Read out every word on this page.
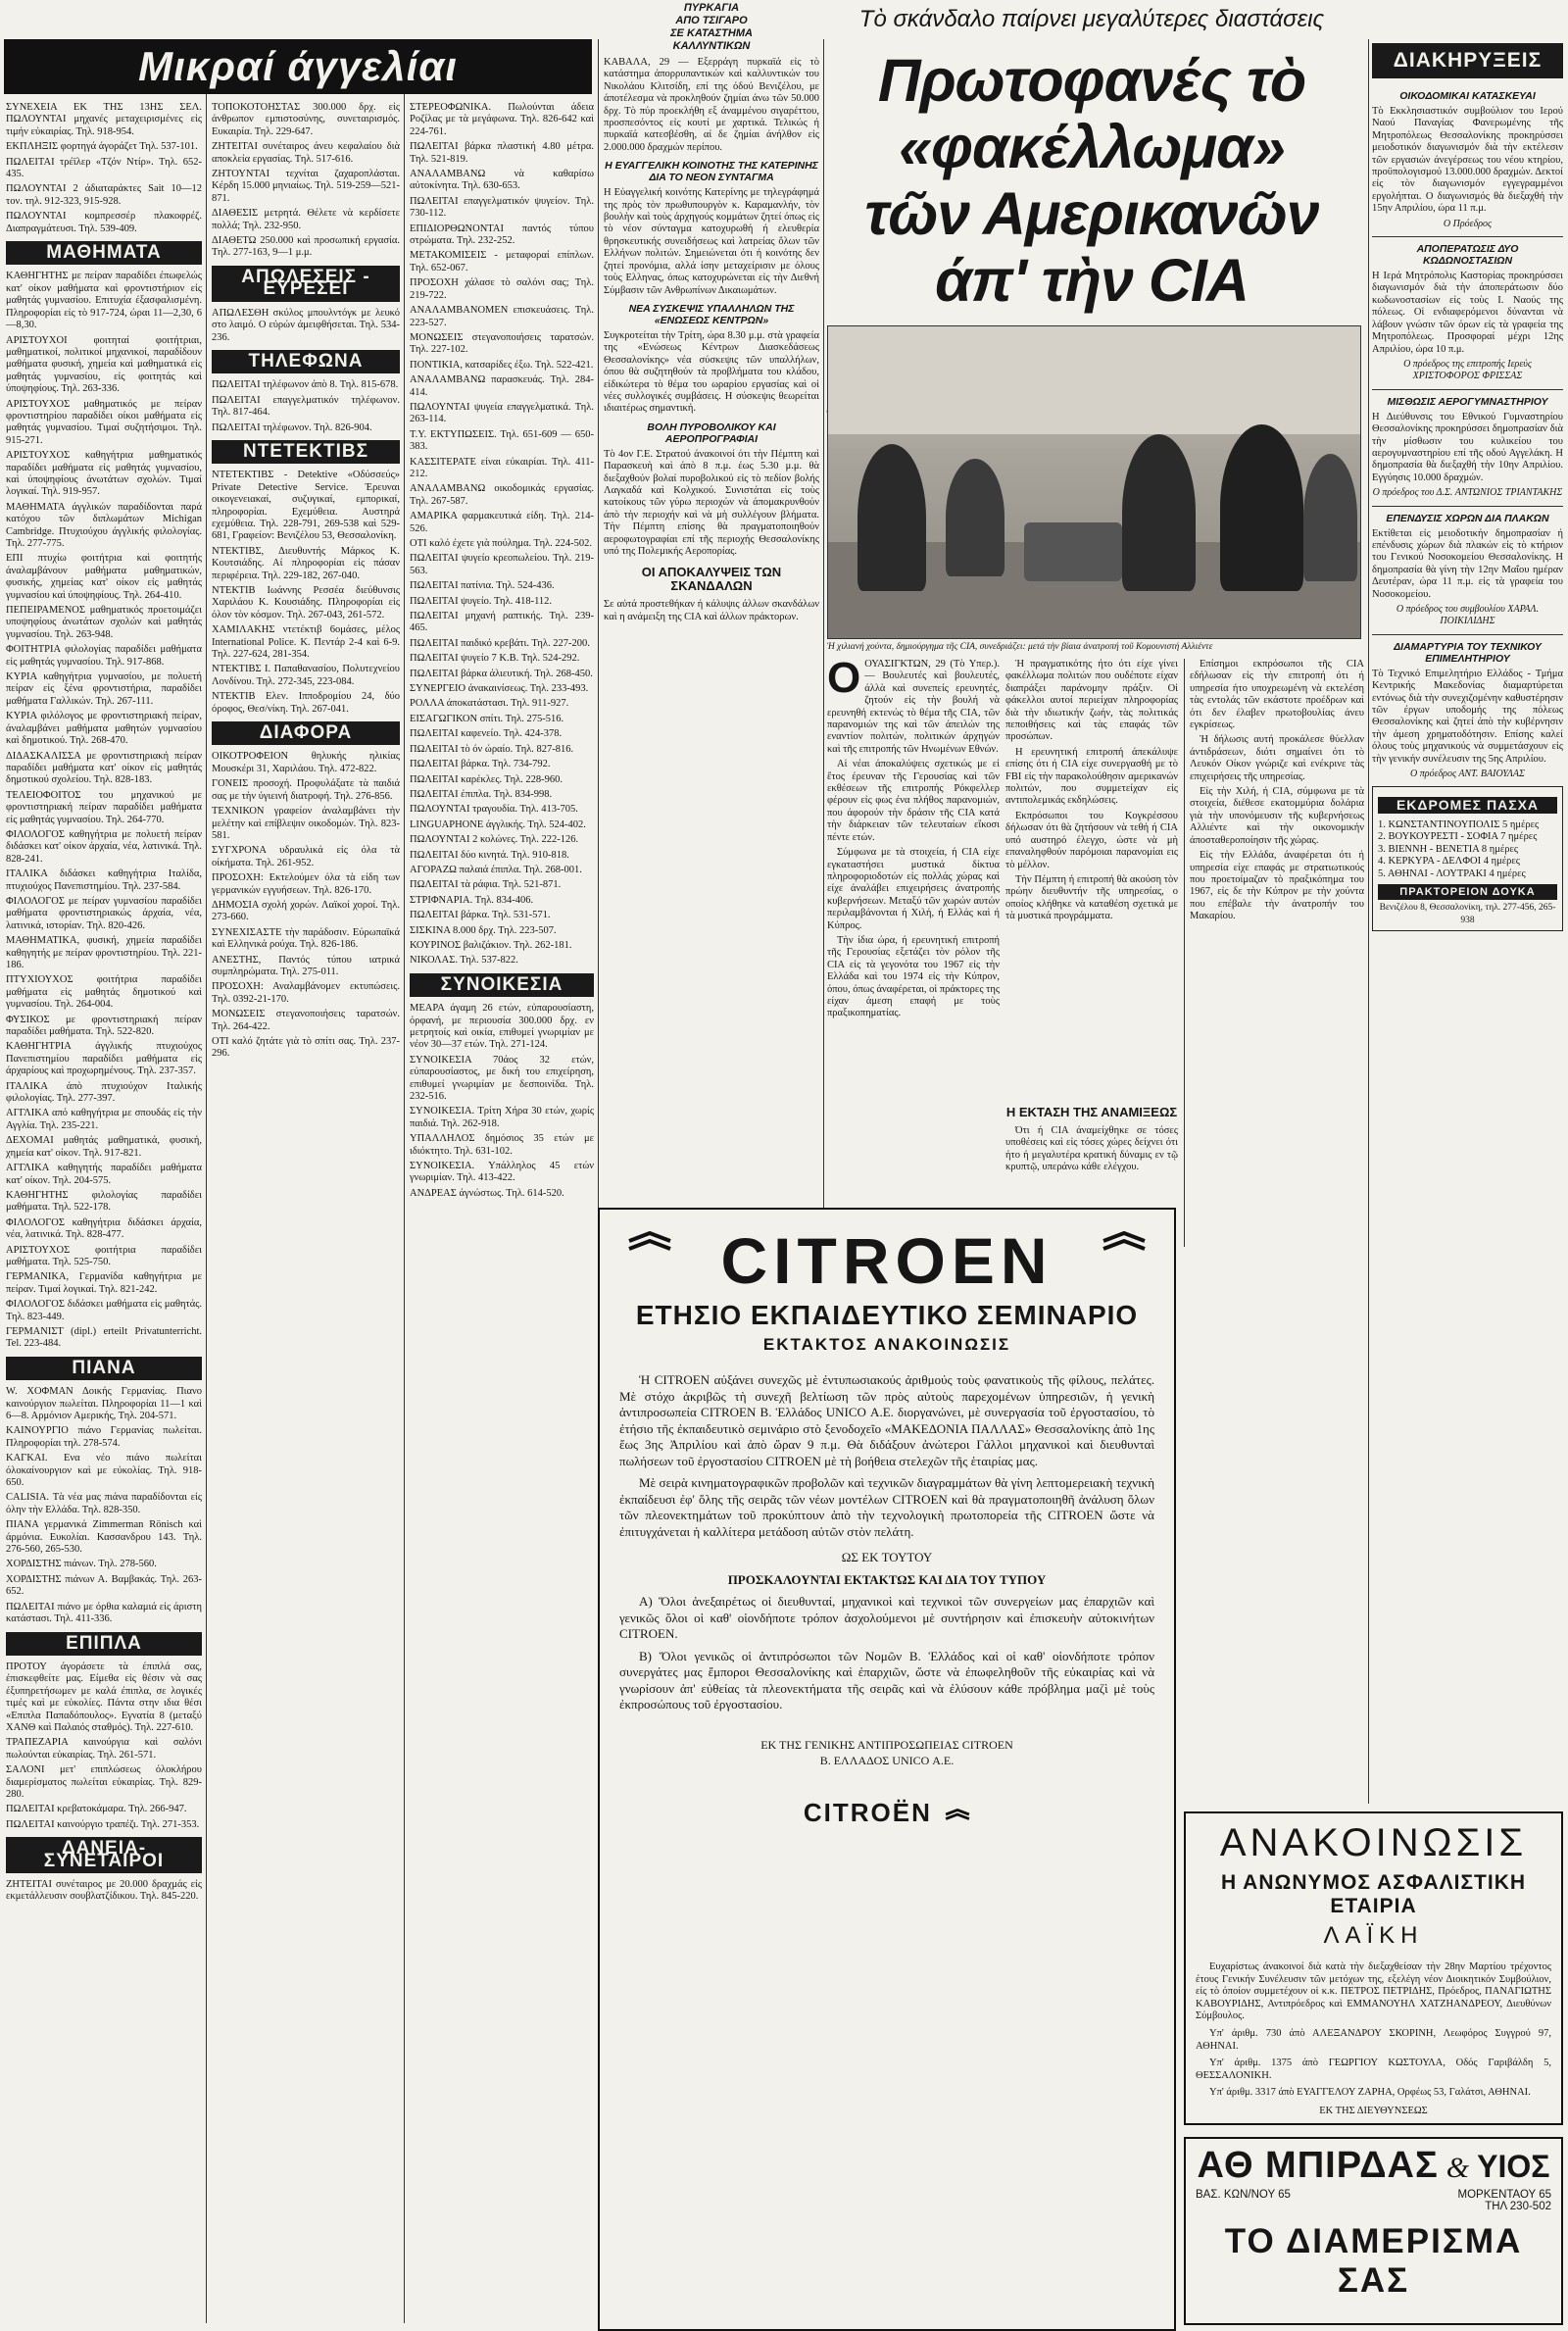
Μικραί άγγελίαι

ΣΥΝΕΧΕΙΑ ΕΚ ΤΗΣ 13ΗΣ ΣΕΛ. ΠΩΛΟΥΝΤΑΙ μηχανές μεταχειρισμένες εἰς τιμήν εὐκαιρίας. Τηλ. 918-954.

ΕΚΠΛΗΞΙΣ φορτηγά άγοράζετ Τηλ. 537-101.

ΠΩΛΕΙΤΑΙ τρέϊλερ «Τζόν Ντίρ». Τηλ. 652-435.

ΠΩΛΟΥΝΤΑΙ 2 άδιαταράκτες Sait 10—12 τον. τηλ. 912-323, 915-928.

ΠΩΛΟΥΝΤΑΙ κομπρεσσέρ πλακοφρέζ. Διαπραγμάτευσι. Τηλ. 539-409.

ΜΑΘΗΜΑΤΑ

ΚΑΘΗΓΗΤΗΣ με πείραν παραδίδει έπωφελώς κατ' οίκον μαθήματα καὶ φροντιστήριον εἰς μαθητάς γυμνασίου. Επιτυχία έξασφαλισμένη. Πληροφορίαι εἰς τὸ 917-724, ώραι 11—2,30, 6—8,30.

ΑΡΙΣΤΟΥΧΟΙ φοιτηταί φοιτήτριαι, μαθηματικοί, πολιτικοί μηχανικοί, παραδίδουν μαθήματα φυσική, χημεία καὶ μαθηματικά εἰς μαθητάς γυμνασίου, εἰς φοιτητάς καὶ ύποψηφίους. Τηλ. 263-336.

ΑΡΙΣΤΟΥΧΟΣ μαθηματικός με πείραν φροντιστηρίου παραδίδει οίκοι μαθήματα εἰς μαθητάς γυμνασίου. Τιμαί συζητήσιμοι. Τηλ. 915-271.

ΑΡΙΣΤΟΥΧΟΣ καθηγήτρια μαθηματικός παραδίδει μαθήματα εἰς μαθητάς γυμνασίου, καὶ ύποψηφίους άνωτάτων σχολών. Τιμαί λογικαί. Τηλ. 919-957.

ΜΑΘΗΜΑΤΑ άγγλικών παραδίδονται παρά κατόχου τῶν διπλωμάτων Michigan Cambridge. Πτυχιούχου άγγλικής φιλολογίας. Τηλ. 277-775.

ΕΠΙ πτυχίω φοιτήτρια καὶ φοιτητής άναλαμβάνουν μαθήματα μαθηματικών, φυσικής, χημείας κατ' οίκον εἰς μαθητάς γυμνασίου καὶ ύποψηφίους. Τηλ. 264-410.

ΠΕΠΕΙΡΑΜΕΝΟΣ μαθηματικός προετοιμάζει υποψηφίους άνωτάτων σχολών καὶ μαθητάς γυμνασίου. Τηλ. 263-948.

ΦΟΙΤΗΤΡΙΑ φιλολογίας παραδίδει μαθήματα εἰς μαθητάς γυμνασίου. Τηλ. 917-868.

ΚΥΡΙΑ καθηγήτρια γυμνασίου, με πολυετή πείραν εἰς ξένα φροντιστήρια, παραδίδει μαθήματα Γαλλικών. Τηλ. 267-111.

ΚΥΡΙΑ φιλόλογος με φροντιστηριακή πείραν, άναλαμβάνει μαθήματα μαθητών γυμνασίου καὶ δημοτικού. Τηλ. 268-470.

ΔΙΔΑΣΚΑΛΙΣΣΑ με φροντιστηριακή πείραν παραδίδει μαθήματα κατ' οίκον εἰς μαθητάς δημοτικού σχολείου. Τηλ. 828-183.

ΤΕΛΕΙΟΦΟΙΤΟΣ του μηχανικού με φροντιστηριακή πείραν παραδίδει μαθήματα εἰς μαθητάς γυμνασίου. Τηλ. 264-770.

ΦΙΛΟΛΟΓΟΣ καθηγήτρια με πολυετή πείραν διδάσκει κατ' οίκον άρχαία, νέα, λατινικά. Τηλ. 828-241.

ΙΤΑΛΙΚΑ διδάσκει καθηγήτρια Ιταλίδα, πτυχιούχος Πανεπιστημίου. Τηλ. 237-584.

ΦΙΛΟΛΟΓΟΣ με πείραν γυμνασίου παραδίδει μαθήματα φροντιστηριακώς άρχαία, νέα, λατινικά, ιστορίαν. Τηλ. 820-426.

ΜΑΘΗΜΑΤΙΚΑ, φυσική, χημεία παραδίδει καθηγητής με πείραν φροντιστηρίου. Τηλ. 221-186.

ΠΤΥΧΙΟΥΧΟΣ φοιτήτρια παραδίδει μαθήματα εἰς μαθητάς δημοτικού καὶ γυμνασίου. Τηλ. 264-004.

ΦΥΣΙΚΟΣ με φροντιστηριακή πείραν παραδίδει μαθήματα. Τηλ. 522-820.

ΚΑΘΗΓΗΤΡΙΑ άγγλικής πτυχιούχος Πανεπιστημίου παραδίδει μαθήματα εἰς άρχαρίους καὶ προχωρημένους. Τηλ. 237-357.

ΙΤΑΛΙΚΑ άπὸ πτυχιούχον Ιταλικής φιλολογίας. Τηλ. 277-397.

ΑΓΓΛΙΚΑ από καθηγήτρια με σπουδάς εἰς τὴν Αγγλία. Τηλ. 235-221.

ΔΕΧΟΜΑΙ μαθητάς μαθηματικά, φυσική, χημεία κατ' οίκον. Τηλ. 917-821.

ΑΓΓΛΙΚΑ καθηγητής παραδίδει μαθήματα κατ' οίκον. Τηλ. 204-575.

ΚΑΘΗΓΗΤΗΣ φιλολογίας παραδίδει μαθήματα. Τηλ. 522-178.

ΦΙΛΟΛΟΓΟΣ καθηγήτρια διδάσκει άρχαία, νέα, λατινικά. Τηλ. 828-477.

ΑΡΙΣΤΟΥΧΟΣ φοιτήτρια παραδίδει μαθήματα. Τηλ. 525-750.

ΓΕΡΜΑΝΙΚΑ, Γερμανίδα καθηγήτρια με πείραν. Τιμαί λογικαί. Τηλ. 821-242.

ΦΙΛΟΛΟΓΟΣ διδάσκει μαθήματα εἰς μαθητάς. Τηλ. 823-449.

ΓΕΡΜΑΝΙΣΤ (dipl.) erteilt Privatunterricht. Tel. 223-484.

ΠΙΑΝΑ

W. ΧΟΦΜΑΝ Δοικής Γερμανίας. Πιανο καινούργιον πωλείται. Πληροφορίαι 11—1 καὶ 6—8. Αρμόνιον Αμερικής, Τηλ. 204-571.

ΚΑΙΝΟΥΡΓΙΟ πιάνο Γερμανίας πωλείται. Πληροφορίαι τηλ. 278-574.

ΚΑΓΚΑΙ. Ενα νέο πιάνο πωλείται όλοκαίνουργιον καὶ με εὐκολίας. Τηλ. 918-650.

CALISIA. Τὰ νέα μας πιάνα παραδίδονται εἰς όλην τὴν Ελλάδα. Τηλ. 828-350.

ΠΙΑΝΑ γερμανικά Zimmerman Rönisch καὶ άρμόνια. Ευκολίαι. Κασσανδρου 143. Τηλ. 276-560, 265-530.

ΧΟΡΔΙΣΤΗΣ πιάνων. Τηλ. 278-560.

ΧΟΡΔΙΣΤΗΣ πιάνων Α. Βαμβακάς. Τηλ. 263-652.

ΠΩΛΕΙΤΑΙ πιάνο με όρθια καλαμιά εἰς άριστη κατάστασι. Τηλ. 411-336.

ΕΠΙΠΛΑ

ΠΡΟΤΟΥ άγοράσετε τὰ έπιπλά σας, έπισκεφθείτε μας. Είμεθα εἰς θέσιν νὰ σας έξυπηρετήσωμεν με καλά έπιπλα, σε λογικές τιμές καὶ με εὐκολίες. Πάντα στην ιδια θέσι «Επιπλα Παπαδόπουλος». Εγνατία 8 (μεταξύ ΧΑΝΘ καὶ Παλαιός σταθμός). Τηλ. 227-610.

ΤΡΑΠΕΖΑΡΙΑ καινούργια καὶ σαλόνι πωλούνται εὐκαιρίας. Τηλ. 261-571.

ΣΑΛΟΝΙ μετ' επιπλώσεως όλοκλήρου διαμερίσματος πωλείται εὐκαιρίας. Τηλ. 829-280.

ΠΩΛΕΙΤΑΙ κρεβατοκάμαρα. Τηλ. 266-947.

ΠΩΛΕΙΤΑΙ καινούργιο τραπέζι. Τηλ. 271-353.

ΔΑΝΕΙΑ-ΣΥΝΕΤΑΙΡΟΙ

ΖΗΤΕΙΤΑΙ συνέταιρος με 20.000 δραχμάς εἰς εκμετάλλευσιν σουβλατζίδικου. Τηλ. 845-220.

ΤΟΠΟΚΟΤΟΗΣΤΑΣ 300.000 δρχ. εἰς άνθρωπον εμπιστοσύνης, συνεταιρισμός. Ευκαιρία. Τηλ. 229-647.

ΖΗΤΕΙΤΑΙ συνέταιρος άνευ κεφαλαίου διὰ αποκλεία εργασίας. Τηλ. 517-616.

ΖΗΤΟΥΝΤΑΙ τεχνίται ζαχαροπλάσται. Κέρδη 15.000 μηνιαίως. Τηλ. 519-259—521-871.

ΔΙΑΘΕΣΙΣ μετρητά. Θέλετε νὰ κερδίσετε πολλά; Τηλ. 232-950.

ΔΙΑΘΕΤΩ 250.000 καὶ προσωπική εργασία. Τηλ. 277-163, 9—1 μ.μ.

ΑΠΩΛΕΣΕΙΣ - ΕΥΡΕΣΕΙ

ΑΠΩΛΕΣΘΗ σκύλος μπουλντόγκ με λευκό στο λαιμό. Ο εὐρών άμειφθήσεται. Τηλ. 534-236.

ΤΗΛΕΦΩΝΑ

ΠΩΛΕΙΤΑΙ τηλέφωνον άπὸ 8. Τηλ. 815-678.

ΠΩΛΕΙΤΑΙ επαγγελματικόν τηλέφωνον. Τηλ. 817-464.

ΠΩΛΕΙΤΑΙ τηλέφωνον. Τηλ. 826-904.

ΝΤΕΤΕΚΤΙΒΣ

ΝΤΕΤΕΚΤΙΒΣ - Detektive «Οδύσσεύς» Private Detective Service. Έρευναι οικογενειακαί, συζυγικαί, εμπορικαί, πληροφορίαι. Εχεμύθεια. Αυστηρά εχεμύθεια. Τηλ. 228-791, 269-538 καὶ 529-681, Γραφείον: Βενιζέλου 53, Θεσσαλονίκη.

ΝΤΕΚΤΙΒΣ, Διευθυντής Μάρκος Κ. Κουτσιάδης. Αί πληροφορίαι εἰς πάσαν περιφέρεια. Τηλ. 229-182, 267-040.

ΝΤΕΚΤΙΒ Ιωάννης Ρεσσέα διεύθυνσις Χαριλάου Κ. Κουσιάδης. Πληροφορίαι εἰς όλον τὸν κόσμον. Τηλ. 267-043, 261-572.

ΧΑΜΙΛΑΚΗΣ ντετέκτιβ 6ομάσες, μέλος International Police. Κ. Πεντάρ 2-4 καὶ 6-9. Τηλ. 227-624, 281-354.

ΝΤΕΚΤΙΒΣ Ι. Παπαθανασίου, Πολυτεχνείου Λονδίνου. Τηλ. 272-345, 223-084.

ΝΤΕΚΤΙΒ Ελεν. Ιπποδρομίου 24, δύο όροφος, Θεσ/νίκη. Τηλ. 267-041.

ΔΙΑΦΟΡΑ

ΟΙΚΟΤΡΟΦΕΙΟΝ θηλυκής ηλικίας Μουσκέρι 31, Χαριλάου. Τηλ. 472-822.

ΓΟΝΕΙΣ προσοχή. Προφυλάξατε τὰ παιδιά σας με τὴν ύγιεινή διατροφή. Τηλ. 276-856.

ΤΕΧΝΙΚΟΝ γραφείον άναλαμβάνει τὴν μελέτην καὶ επίβλεψιν οικοδομών. Τηλ. 823-581.

ΣΥΓΧΡΟΝΑ υδραυλικά εἰς όλα τὰ οίκήματα. Τηλ. 261-952.

ΠΡΟΣΟΧΗ: Εκτελούμεν όλα τὰ είδη των γερμανικών εγγυήσεων. Τηλ. 826-170.

ΔΗΜΟΣΙΑ σχολή χορών. Λαϊκοί χοροί. Τηλ. 273-660.

ΣΥΝΕΧΙΣΑΣΤΕ τὴν παράδοσιν. Εύρωπαϊκά καὶ Ελληνικά ρούχα. Τηλ. 826-186.

ΑΝΕΣΤΗΣ, Παντός τύπου ιατρικά συμπληρώματα. Τηλ. 275-011.

ΠΡΟΣΟΧΗ: Αναλαμβάνομεν εκτυπώσεις. Τηλ. 0392-21-170.

ΜΟΝΩΣΕΙΣ στεγανοποιήσεις ταρατσών. Τηλ. 264-422.

ΟΤΙ καλό ζητάτε γιὰ τὸ σπίτι σας. Τηλ. 237-296.

ΣΤΕΡΕΟΦΩΝΙΚΑ. Πωλούνται άδεια Ροζίλας με τὰ μεγάφωνα. Τηλ. 826-642 καὶ 224-761.

ΠΩΛΕΙΤΑΙ βάρκα πλαστική 4.80 μέτρα. Τηλ. 521-819.

ΑΝΑΛΑΜΒΑΝΩ νὰ καθαρίσω αὐτοκίνητα. Τηλ. 630-653.

ΠΩΛΕΙΤΑΙ επαγγελματικόν ψυγείον. Τηλ. 730-112.

ΕΠΙΔΙΟΡΘΩΝΟΝΤΑΙ παντός τύπου στρώματα. Τηλ. 232-252.

ΜΕΤΑΚΟΜΙΣΕΙΣ - μεταφοραί επίπλων. Τηλ. 652-067.

ΠΡΟΣΟΧΗ χάλασε τὸ σαλόνι σας; Τηλ. 219-722.

ΑΝΑΛΑΜΒΑΝΟΜΕΝ επισκευάσεις. Τηλ. 223-527.

ΜΟΝΩΣΕΙΣ στεγανοποιήσεις ταρατσών. Τηλ. 227-102.

ΠΟΝΤΙΚΙΑ, κατσαρίδες έξω. Τηλ. 522-421.

ΑΝΑΛΑΜΒΑΝΩ παρασκευάς. Τηλ. 284-414.

ΠΩΛΟΥΝΤΑΙ ψυγεία επαγγελματικά. Τηλ. 263-114.

Τ.Υ. ΕΚΤΥΠΩΣΕΙΣ. Τηλ. 651-609 — 650-383.

ΚΑΣΣΙΤΕΡΑΤΕ είναι εὐκαιρίαι. Τηλ. 411-212.

ΑΝΑΛΑΜΒΑΝΩ οικοδομικάς εργασίας. Τηλ. 267-587.

ΑΜΑΡΙΚΑ φαρμακευτικά είδη. Τηλ. 214-526.

ΟΤΙ καλό έχετε γιὰ πούλημα. Τηλ. 224-502.

ΠΩΛΕΙΤΑΙ ψυγείο κρεοπωλείου. Τηλ. 219-563.

ΠΩΛΕΙΤΑΙ πατίνια. Τηλ. 524-436.

ΠΩΛΕΙΤΑΙ ψυγείο. Τηλ. 418-112.

ΠΩΛΕΙΤΑΙ μηχανή ραπτικής. Τηλ. 239-465.

ΠΩΛΕΙΤΑΙ παιδικό κρεβάτι. Τηλ. 227-200.

ΠΩΛΕΙΤΑΙ ψυγείο 7 K.B. Τηλ. 524-292.

ΠΩΛΕΙΤΑΙ βάρκα άλιευτική. Τηλ. 268-450.

ΣΥΝΕΡΓΕΙΟ άνακαινίσεως. Τηλ. 233-493.

ΡΟΛΛΑ άποκατάστασι. Τηλ. 911-927.

ΕΙΣΑΓΩΓΙΚΟΝ σπίτι. Τηλ. 275-516.

ΠΩΛΕΙΤΑΙ καφενείο. Τηλ. 424-378.

ΠΩΛΕΙΤΑΙ τὸ όν ώραίο. Τηλ. 827-816.

ΠΩΛΕΙΤΑΙ βάρκα. Τηλ. 734-792.

ΠΩΛΕΙΤΑΙ καρέκλες. Τηλ. 228-960.

ΠΩΛΕΙΤΑΙ έπιπλα. Τηλ. 834-998.

ΠΩΛΟΥΝΤΑΙ τραγουδία. Τηλ. 413-705.

LINGUAPHONE άγγλικής. Τηλ. 524-402.

ΠΩΛΟΥΝΤΑΙ 2 κολώνες. Τηλ. 222-126.

ΠΩΛΕΙΤΑΙ δύο κινητά. Τηλ. 910-818.

ΑΓΟΡΑΖΩ παλαιά έπιπλα. Τηλ. 268-001.

ΠΩΛΕΙΤΑΙ τὰ ράφια. Τηλ. 521-871.

ΣΤΡΙΦΝΑΡΙΑ. Τηλ. 834-406.

ΠΩΛΕΙΤΑΙ βάρκα. Τηλ. 531-571.

ΣΙΣΚΙΝΑ 8.000 δρχ. Τηλ. 223-507.

ΚΟΥΡΙΝΟΣ βαλιζάκιον. Τηλ. 262-181.

ΝΙΚΟΛΑΣ. Τηλ. 537-822.

ΣΥΝΟΙΚΕΣΙΑ

ΜΕΑΡΑ άγαμη 26 ετών, εὐπαρουσίαστη, όρφανή, με περιουσία 300.000 δρχ. εν μετρητοίς καὶ οικία, επιθυμεί γνωριμίαν με νέον 30—37 ετών. Τηλ. 271-124.

ΣΥΝΟΙΚΕΣΙΑ 70άος 32 ετών, εὐπαρουσίαστος, με δική του επιχείρηση, επιθυμεί γνωριμίαν με δεσποινίδα. Τηλ. 232-516.

ΣΥΝΟΙΚΕΣΙΑ. Τρίτη Χήρα 30 ετών, χωρίς παιδιά. Τηλ. 262-918.

ΥΠΑΛΛΗΛΟΣ δημόσιος 35 ετών με ιδιόκτητο. Τηλ. 631-102.

ΣΥΝΟΙΚΕΣΙΑ. Υπάλληλος 45 ετών γνωριμίαν. Τηλ. 413-422.

ΑΝΔΡΕΑΣ άγνώστως. Τηλ. 614-520.

ΠΥΡΚΑΓΙΑ
ΑΠΟ ΤΣΙΓΑΡΟ
ΣΕ ΚΑΤΑΣΤΗΜΑ
ΚΑΛΛΥΝΤΙΚΩΝ

ΚΑΒΑΛΑ, 29 — Εξερράγη πυρκαϊά εἰς τὸ κατάστημα άπορρυπαντικών καὶ καλλυντικών του Νικολάου Κλιτσίδη, επί της όδού Βενιζέλου, με άποτέλεσμα νὰ προκληθούν ζημίαι άνω τῶν 50.000 δρχ. Τὸ πύρ προεκλήθη εξ άναμμένου σιγαρέττου, προσπεσόντος εἰς κουτί με χαρτικά. Τελικώς ή πυρκαϊά κατεσβέσθη, αί δε ζημίαι άνήλθον εἰς 2.000.000 δραχμών περίπου.

Η ΕΥΑΓΓΕΛΙΚΗ ΚΟΙΝΟΤΗΣ ΤΗΣ ΚΑΤΕΡΙΝΗΣ ΔΙΑ ΤΟ ΝΕΟΝ ΣΥΝΤΑΓΜΑ

Η Εὐαγγελική κοινότης Κατερίνης με τηλεγράφημά της πρὸς τὸν πρωθυπουργὸν κ. Καραμανλήν, τὸν βουλὴν καὶ τοὺς άρχηγούς κομμάτων ζητεί όπως εἰς τὸ νέον σύνταγμα κατοχυρωθή ή ελευθερία θρησκευτικής συνειδήσεως καὶ λατρείας ὅλων τῶν Ελλήνων πολιτών. Σημειώνεται ότι ή κοινότης δεν ζητεί προνόμια, αλλά ίσην μεταχείρισιν με όλους τοὺς Ελληνας, όπως κατοχυρώνεται εἰς τὴν Διεθνή Σύμβασιν τῶν Ανθρωπίνων Δικαιωμάτων.

ΝΕΑ ΣΥΣΚΕΨΙΣ ΥΠΑΛΛΗΛΩΝ ΤΗΣ «ΕΝΩΣΕΩΣ ΚΕΝΤΡΩΝ»

Συγκροτείται τὴν Τρίτη, ώρα 8.30 μ.μ. στὰ γραφεία της «Ενώσεως Κέντρων Διασκεδάσεως Θεσσαλονίκης» νέα σύσκεψις τῶν υπαλλήλων, όπου θὰ συζητηθούν τὰ προβλήματα του κλάδου, εἰδικώτερα τὸ θέμα του ωραρίου εργασίας καὶ οἱ νέες συλλογικές συμβάσεις. Η σύσκεψις θεωρείται ιδιαιτέρως σημαντική.

ΒΟΛΗ ΠΥΡΟΒΟΛΙΚΟΥ ΚΑΙ ΑΕΡΟΠΡΟΓΡΑΦΙΑΙ

Τὸ 4ον Γ.Ε. Στρατού άνακοινοί ότι τὴν Πέμπτη καὶ Παρασκευὴ καὶ άπὸ 8 π.μ. έως 5.30 μ.μ. θὰ διεξαχθούν βολαί πυροβολικού εἰς τὸ πεδίον βολής Λαγκαδά καὶ Κολχικού. Συνιστάται εἰς τοὺς κατοίκους τῶν γύρω περιοχών νὰ άπομακρυνθούν άπὸ τὴν περιοχήν καὶ νὰ μὴ συλλέγουν βλήματα. Τὴν Πέμπτη επίσης θὰ πραγματοποιηθούν αεροφωτογραφίαι επί τῆς περιοχής Θεσσαλονίκης υπό της Πολεμικής Αεροπορίας.

ΟΙ ΑΠΟΚΑΛΥΨΕΙΣ ΤΩΝ ΣΚΑΝΔΑΛΩΝ

Σε αὐτά προστεθήκαν ή κάλυψις άλλων σκανδάλων καὶ η ανάμειξη της CIA καὶ άλλων πράκτορων.

Τὸ σκάνδαλο παίρνει μεγαλύτερες διαστάσεις
Πρωτοφανές τὸ «φακέλλωμα»
τῶν Αμερικανῶν άπ' τὴν CIA
Ἡ χιλιανή χούντα, δημιούργημα τῆς CIA, συνεδριάζει: μετά τὴν βίαια άνατροπή τοῦ Κομουνιστή Αλλιέντε

ΟΟΥΑΣΙΓΚΤΩΝ, 29 (Τὸ Υπερ.). — Βουλευτές καὶ βουλευτές, άλλὰ καὶ συνεπείς ερευνητές, ζητούν εἰς τὴν βουλή νὰ ερευνηθή εκτενώς τὸ θέμα τῆς CIA, τῶν παρανομιών της καὶ τῶν άπειλών της εναντίον πολιτών, πολιτικών άρχηγών καὶ τῆς επιτροπής τῶν Ηνωμένων Εθνών.

Αἱ νέαι άποκαλύψεις σχετικώς με εἰ ἔτος έρευναν τῆς Γερουσίας καὶ τῶν εκθέσεων τῆς επιτροπής Ρόκφελλερ φέρουν εἰς φως ένα πλήθος παρανομιών, που άφορούν τὴν δράσιν τῆς CIA κατά τὴν διάρκειαν τῶν τελευταίων εἴκοσι πέντε ετών.

Σύμφωνα με τὰ στοιχεία, ή CIA είχε εγκαταστήσει μυστικά δίκτυα πληροφοριοδοτών εἰς πολλάς χώρας καὶ είχε άναλάβει επιχειρήσεις άνατροπής κυβερνήσεων. Μεταξύ τῶν χωρών αυτών περιλαμβάνονται ή Χιλή, ή Ελλάς καὶ ή Κύπρος.

Τὴν ίδια ώρα, ή ερευνητική επιτροπή τῆς Γερουσίας εξετάζει τὸν ρόλον τῆς CIA εἰς τὰ γεγονότα του 1967 εἰς τὴν Ελλάδα καὶ του 1974 εἰς τὴν Κύπρον, όπου, όπως άναφέρεται, οἱ πράκτορες της είχαν άμεση επαφή με τοὺς πραξικοπηματίας.

Ἡ πραγματικότης ήτο ότι είχε γίνει φακέλλωμα πολιτών που ουδέποτε είχαν διαπράξει παράνομην πράξιν. Οἱ φάκελλοι αυτοί περιείχαν πληροφορίας διὰ τὴν ιδιωτικήν ζωήν, τὰς πολιτικάς πεποιθήσεις καὶ τὰς επαφάς τῶν προσώπων.

Η ερευνητική επιτροπή άπεκάλυψε επίσης ότι ή CIA είχε συνεργασθή με τὸ FBI εἰς τὴν παρακολούθησιν αμερικανών πολιτών, που συμμετείχαν εἰς αντιπολεμικάς εκδηλώσεις.

Εκπρόσωποι του Κογκρέσσου δήλωσαν ότι θὰ ζητήσουν νὰ τεθή ή CIA υπό αυστηρό έλεγχο, ώστε νὰ μὴ επαναληφθούν παρόμοιαι παρανομίαι εις τὸ μέλλον.

Τὴν Πέμπτη ή επιτροπή θὰ ακούση τὸν πρώην διευθυντήν τῆς υπηρεσίας, ο οποίος κλήθηκε νὰ καταθέση σχετικά με τὰ μυστικά προγράμματα.

Επίσημοι εκπρόσωποι τῆς CIA εδήλωσαν εἰς τὴν επιτροπή ότι ή υπηρεσία ήτο υποχρεωμένη νὰ εκτελέση τὰς εντολάς τῶν εκάστοτε προέδρων καὶ ότι δεν έλαβεν πρωτοβουλίας άνευ εγκρίσεως.

Ἡ δήλωσις αυτή προκάλεσε θύελλαν άντιδράσεων, διότι σημαίνει ότι τὸ Λευκόν Οίκον γνώριζε καὶ ενέκρινε τὰς επιχειρήσεις τῆς υπηρεσίας.

Εἰς τὴν Χιλή, ή CIA, σύμφωνα με τὰ στοιχεία, διέθεσε εκατομμύρια δολάρια γιὰ τὴν υπονόμευσιν τῆς κυβερνήσεως Αλλιέντε καὶ τὴν οικονομικήν άποσταθεροποίησιν τῆς χώρας.

Εἰς τὴν Ελλάδα, άναφέρεται ότι ή υπηρεσία είχε επαφάς με στρατιωτικούς που προετοίμαζαν τὸ πραξικόπημα του 1967, εἰς δε τὴν Κύπρον με τὴν χούντα που επέβαλε τὴν άνατροπήν του Μακαρίου.

Η ΕΚΤΑΣΗ ΤΗΣ ΑΝΑΜΙΞΕΩΣ

Ότι ή CIA άναμείχθηκε σε τόσες υποθέσεις καὶ εἰς τόσες χώρες δείχνει ότι ήτο ή μεγαλυτέρα κρατική δύναμις εν τῷ κρυπτῷ, υπεράνω κάθε ελέγχου.

CITROEN
ΕΤΗΣΙΟ ΕΚΠΑΙΔΕΥΤΙΚΟ ΣΕΜΙΝΑΡΙΟ
ΕΚΤΑΚΤΟΣ ΑΝΑΚΟΙΝΩΣΙΣ

Ἡ CITROEN αὐξάνει συνεχῶς μὲ ἐντυπωσιακούς ἀριθμούς τοὺς φανατικοὺς τῆς φίλους, πελάτες. Μὲ στόχο ἀκριβῶς τὴ συνεχῆ βελτίωση τῶν πρὸς αὐτοὺς παρεχομένων ὑπηρεσιῶν, ἡ γενικὴ ἀντιπροσωπεία CITROEN Β. Ἑλλάδος UNICO Α.Ε. διοργανώνει, μὲ συνεργασία τοῦ ἐργοστασίου, τὸ ἐτήσιο τῆς ἐκπαιδευτικὸ σεμινάριο στὸ ξενοδοχεῖο «ΜΑΚΕΔΟΝΙΑ ΠΑΛΛΑΣ» Θεσσαλονίκης ἀπὸ 1ης ἕως 3ης Ἀπριλίου καὶ ἀπὸ ὥραν 9 π.μ. Θὰ διδάξουν ἀνώτεροι Γάλλοι μηχανικοὶ καὶ διευθυνταὶ πωλήσεων τοῦ ἐργοστασίου CITROEN μὲ τὴ βοήθεια στελεχῶν τῆς ἑταιρίας μας.

Μὲ σειρὰ κινηματογραφικῶν προβολῶν καὶ τεχνικῶν διαγραμμάτων θὰ γίνη λεπτομερειακὴ τεχνικὴ ἐκπαίδευσι ἐφ' ὅλης τῆς σειρᾶς τῶν νέων μοντέλων CITROEN καὶ θὰ πραγματοποιηθῆ ἀνάλυση ὅλων τῶν πλεονεκτημάτων τοῦ προκύπτουν ἀπὸ τὴν τεχνολογικὴ πρωτοπορεία τῆς CITROEN ὥστε νὰ ἐπιτυγχάνεται ἡ καλλίτερα μετάδοση αὐτῶν στὸν πελάτη.

ΩΣ ΕΚ ΤΟΥΤΟΥ
ΠΡΟΣΚΑΛΟΥΝΤΑΙ ΕΚΤΑΚΤΩΣ ΚΑΙ ΔΙΑ ΤΟΥ ΤΥΠΟΥ

Α) Ὅλοι ἀνεξαιρέτως οἱ διευθυνταί, μηχανικοὶ καὶ τεχνικοὶ τῶν συνεργείων μας ἐπαρχιῶν καὶ γενικῶς ὅλοι οἱ καθ' οἱονδήποτε τρόπον ἀσχολούμενοι μὲ συντήρησιν καὶ ἐπισκευὴν αὐτοκινήτων CITROEN.

Β) Ὅλοι γενικῶς οἱ ἀντιπρόσωποι τῶν Νομῶν Β. Ἑλλάδος καὶ οἱ καθ' οἱονδήποτε τρόπον συνεργάτες μας ἔμποροι Θεσσαλονίκης καὶ ἐπαρχιῶν, ὥστε νὰ ἐπωφεληθοῦν τῆς εὐκαιρίας καὶ νὰ γνωρίσουν ἀπ' εὐθείας τὰ πλεονεκτήματα τῆς σειρᾶς καὶ νὰ ἐλύσουν κάθε πρόβλημα μαζὶ μὲ τοὺς ἐκπροσώπους τοῦ ἐργοστασίου.

ΕΚ ΤΗΣ ΓΕΝΙΚΗΣ ΑΝΤΙΠΡΟΣΩΠΕΙΑΣ CITROEN
Β. ΕΛΛΑΔΟΣ UNICO Α.Ε.
CITROËN
ΔΙΑΚΗΡΥΞΕΙΣ
ΟΙΚΟΔΟΜΙΚΑΙ ΚΑΤΑΣΚΕΥΑΙ

Τὸ Εκκλησιαστικόν συμβούλιον του Ιερού Ναού Παναγίας Φανερωμένης τῆς Μητροπόλεως Θεσσαλονίκης προκηρύσσει μειοδοτικόν διαγωνισμόν διὰ τὴν εκτέλεσιν τῶν εργασιών άνεγέρσεως του νέου κτηρίου, προϋπολογισμού 13.000.000 δραχμών. Δεκτοί εἰς τὸν διαγωνισμόν εγγεγραμμένοι εργολήπται. Ο διαγωνισμός θὰ διεξαχθή τὴν 15ην Απριλίου, ώρα 11 π.μ.

Ο Πρόεδρος
ΑΠΟΠΕΡΑΤΩΣΙΣ ΔΥΟ ΚΩΔΩΝΟΣΤΑΣΙΩΝ

Η Ιερά Μητρόπολις Καστορίας προκηρύσσει διαγωνισμόν διὰ τὴν άποπεράτωσιν δύο κωδωνοστασίων εἰς τοὺς Ι. Ναούς της πόλεως. Οἱ ενδιαφερόμενοι δύνανται νὰ λάβουν γνώσιν τῶν όρων εἰς τὰ γραφεία της Μητροπόλεως. Προσφοραί μέχρι 12ης Απριλίου, ώρα 10 π.μ.

Ο πρόεδρος της επιτροπής Ιερεύς ΧΡΙΣΤΟΦΟΡΟΣ ΦΡΙΣΣΑΣ
ΜΙΣΘΩΣΙΣ ΑΕΡΟΓΥΜΝΑΣΤΗΡΙΟΥ

Η Διεύθυνσις του Εθνικού Γυμναστηρίου Θεσσαλονίκης προκηρύσσει δημοπρασίαν διὰ τὴν μίσθωσιν του κυλικείου του αερογυμναστηρίου επί τῆς οδού Αγγελάκη. Η δημοπρασία θὰ διεξαχθή τὴν 10ην Απριλίου. Εγγύησις 10.000 δραχμών.

Ο πρόεδρος του Δ.Σ. ΑΝΤΩΝΙΟΣ ΤΡΙΑΝΤΑΚΗΣ
ΕΠΕΝΔΥΣΙΣ ΧΩΡΩΝ ΔΙΑ ΠΛΑΚΩΝ

Εκτίθεται εἰς μειοδοτικήν δημοπρασίαν ή επένδυσις χώρων διὰ πλακών εἰς τὸ κτήριον του Γενικού Νοσοκομείου Θεσσαλονίκης. Η δημοπρασία θὰ γίνη τὴν 12ην Μαΐου ημέραν Δευτέραν, ώρα 11 π.μ. εἰς τὰ γραφεία του Νοσοκομείου.

Ο πρόεδρος του συμβουλίου ΧΑΡΑΛ. ΠΟΙΚΙΛΙΔΗΣ
ΔΙΑΜΑΡΤΥΡΙΑ ΤΟΥ ΤΕΧΝΙΚΟΥ ΕΠΙΜΕΛΗΤΗΡΙΟΥ

Τὸ Τεχνικό Επιμελητήριο Ελλάδος - Τμήμα Κεντρικής Μακεδονίας διαμαρτύρεται εντόνως διὰ τὴν συνεχιζομένην καθυστέρησιν τῶν έργων υποδομής της πόλεως Θεσσαλονίκης καὶ ζητεί άπὸ τὴν κυβέρνησιν τὴν άμεση χρηματοδότησιν. Επίσης καλεί όλους τοὺς μηχανικούς νὰ συμμετάσχουν εἰς τὴν γενικήν συνέλευσιν της 5ης Απριλίου.

Ο πρόεδρος ΑΝΤ. ΒΑΙΟΥΛΑΣ
ΕΚΔΡΟΜΕΣ ΠΑΣΧΑ
1. ΚΩΝΣΤΑΝΤΙΝΟΥΠΟΛΙΣ 5 ημέρες
2. ΒΟΥΚΟΥΡΕΣΤΙ - ΣΟΦΙΑ 7 ημέρες
3. ΒΙΕΝΝΗ - ΒΕΝΕΤΙΑ 8 ημέρες
4. ΚΕΡΚΥΡΑ - ΔΕΛΦΟΙ 4 ημέρες
5. ΑΘΗΝΑΙ - ΛΟΥΤΡΑΚΙ 4 ημέρες
ΠΡΑΚΤΟΡΕΙΟΝ ΔΟΥΚΑ
Βενιζέλου 8, Θεσσαλονίκη, τηλ. 277-456, 265-938
ΑΝΑΚΟΙΝΩΣΙΣ
Η ΑΝΩΝΥΜΟΣ ΑΣΦΑΛΙΣΤΙΚΗ ΕΤΑΙΡΙΑ
ΛΑΪΚΗ

Ευχαρίστως άνακοινοί διὰ κατὰ τὴν διεξαχθείσαν τὴν 28ην Μαρτίου τρέχοντος έτους Γενικήν Συνέλευσιν τῶν μετόχων της, εξελέγη νέον Διοικητικόν Συμβούλιον, εἰς τὸ όποίον συμμετέχουν οἱ κ.κ. ΠΕΤΡΟΣ ΠΕΤΡΙΔΗΣ, Πρόεδρος, ΠΑΝΑΓΙΩΤΗΣ ΚΑΒΟΥΡΙΔΗΣ, Αντιπρόεδρος καὶ ΕΜΜΑΝΟΥΗΛ ΧΑΤΖΗΑΝΔΡΕΟΥ, Διευθύνων Σύμβουλος.

Υπ' άριθμ. 730 άπὸ ΑΛΕΞΑΝΔΡΟΥ ΣΚΟΡΙΝΗ, Λεωφόρος Συγγρού 97, ΑΘΗΝΑΙ.

Υπ' άριθμ. 1375 άπὸ ΓΕΩΡΓΙΟΥ ΚΩΣΤΟΥΛΑ, Οδός Γαριβάλδη 5, ΘΕΣΣΑΛΟΝΙΚΗ.

Υπ' άριθμ. 3317 άπὸ ΕΥΑΓΓΕΛΟΥ ΖΑΡΗΑ, Ορφέως 53, Γαλάτσι, ΑΘΗΝΑΙ.

ΕΚ ΤΗΣ ΔΙΕΥΘΥΝΣΕΩΣ
ΑΘ ΜΠΙΡΔΑΣ & ΥΙΟΣ
ΒΑΣ. ΚΩΝ/ΝΟΥ 65	ΜΟΡΚΕΝΤΑΟΥ 65
ΤΗΛ 230-502
ΤΟ ΔΙΑΜΕΡΙΣΜΑ ΣΑΣ
